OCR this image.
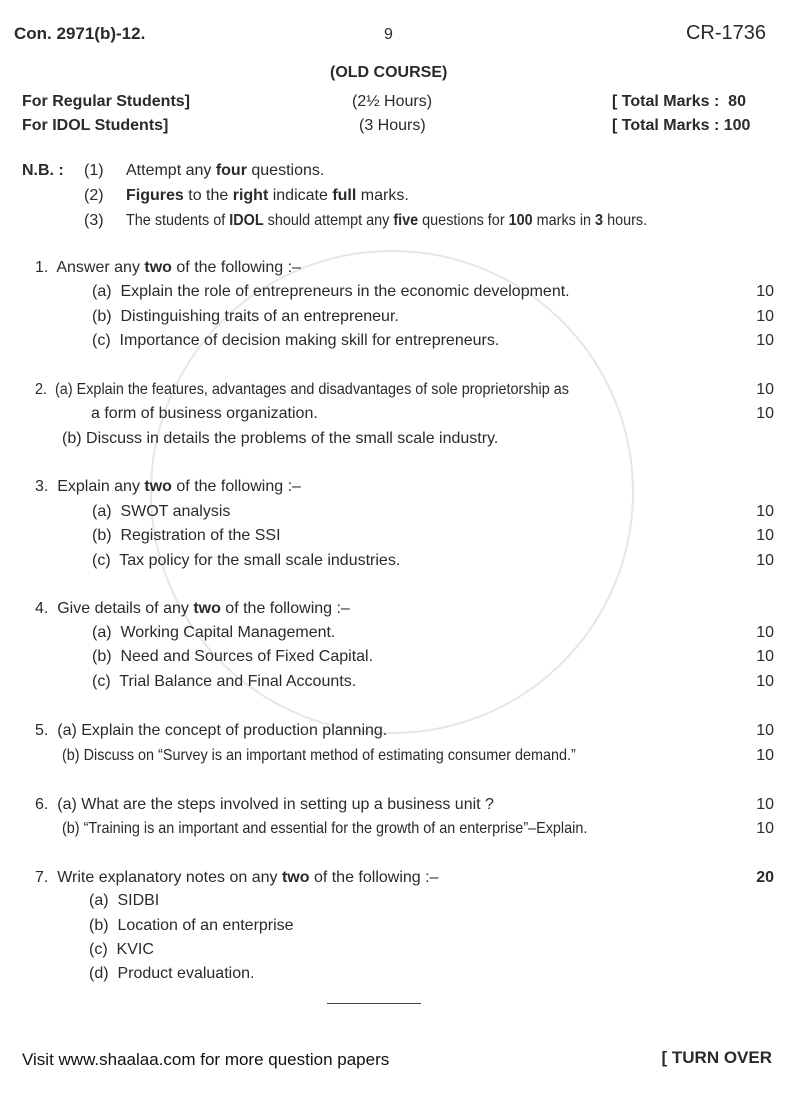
Con. 2971(b)-12.	9	CR-1736
(OLD COURSE)
For Regular Students]	(2½ Hours)	[ Total Marks :  80
For IDOL Students]	(3 Hours)	[ Total Marks : 100
N.B. : (1) Attempt any four questions.
(2) Figures to the right indicate full marks.
(3) The students of IDOL should attempt any five questions for 100 marks in 3 hours.
1. Answer any two of the following :–
(a) Explain the role of entrepreneurs in the economic development.	10
(b) Distinguishing traits of an entrepreneur.	10
(c) Importance of decision making skill for entrepreneurs.	10
2. (a) Explain the features, advantages and disadvantages of sole proprietorship as	10
a form of business organization.	10
(b) Discuss in details the problems of the small scale industry.
3. Explain any two of the following :–
(a) SWOT analysis	10
(b) Registration of the SSI	10
(c) Tax policy for the small scale industries.	10
4. Give details of any two of the following :–
(a) Working Capital Management.	10
(b) Need and Sources of Fixed Capital.	10
(c) Trial Balance and Final Accounts.	10
5. (a) Explain the concept of production planning.	10
(b) Discuss on “Survey is an important method of estimating consumer demand.”	10
6. (a) What are the steps involved in setting up a business unit ?	10
(b) “Training is an important and essential for the growth of an enterprise”–Explain.	10
7. Write explanatory notes on any two of the following :–	20
(a) SIDBI
(b) Location of an enterprise
(c) KVIC
(d) Product evaluation.
Visit www.shaalaa.com for more question papers	[ TURN OVER
